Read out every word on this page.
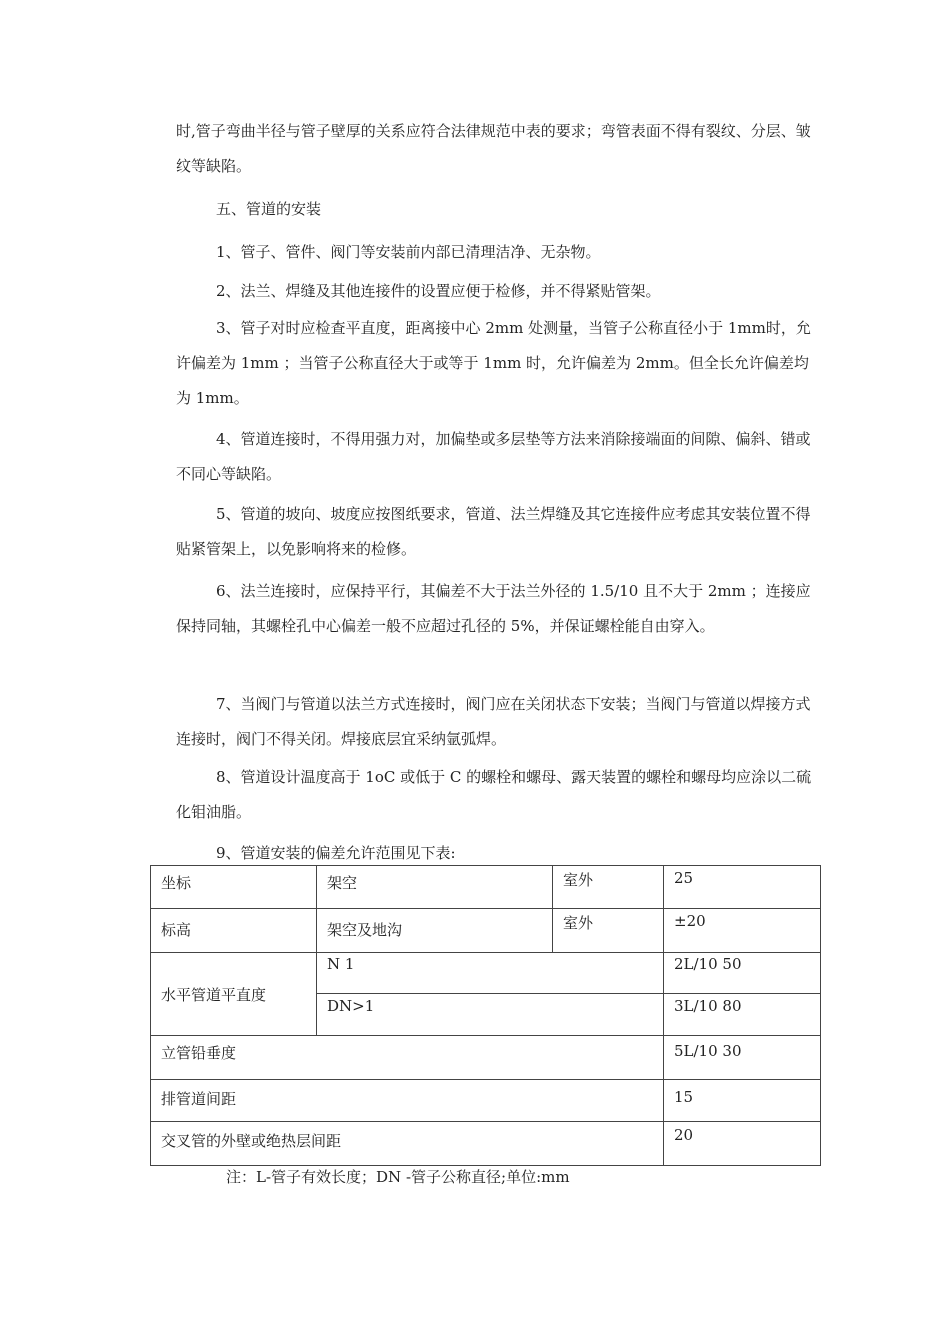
时,管子弯曲半径与管子壁厚的关系应符合法律规范中表的要求；弯管表面不得有裂纹、分层、皱纹等缺陷。
五、管道的安装
1、管子、管件、阀门等安装前内部已清理洁净、无杂物。
2、法兰、焊缝及其他连接件的设置应便于检修，并不得紧贴管架。
3、管子对时应检查平直度，距离接中心 2mm 处测量，当管子公称直径小于 1mm时，允许偏差为 1mm ；当管子公称直径大于或等于 1mm 时，允许偏差为 2mm。但全长允许偏差均为 1mm。
4、管道连接时，不得用强力对，加偏垫或多层垫等方法来消除接端面的间隙、偏斜、错或不同心等缺陷。
5、管道的坡向、坡度应按图纸要求，管道、法兰焊缝及其它连接件应考虑其安装位置不得贴紧管架上，以免影响将来的检修。
6、法兰连接时，应保持平行，其偏差不大于法兰外径的 1.5/10 且不大于 2mm ；连接应保持同轴，其螺栓孔中心偏差一般不应超过孔径的 5%，并保证螺栓能自由穿入。
7、当阀门与管道以法兰方式连接时，阀门应在关闭状态下安装；当阀门与管道以焊接方式连接时，阀门不得关闭。焊接底层宜采纳氩弧焊。
8、管道设计温度高于 1oC 或低于 C 的螺栓和螺母、露天装置的螺栓和螺母均应涂以二硫化钼油脂。
9、管道安装的偏差允许范围见下表:
坐标	架空	室外	25

标高	架空及地沟	室外	±20

水平管道平直度	N 1		2L/10 50

	DN>1		3L/10 80

立管铅垂度			5L/10 30

排管道间距			15

交叉管的外壁或绝热层间距			20
注：L-管子有效长度；DN -管子公称直径;单位:mm
